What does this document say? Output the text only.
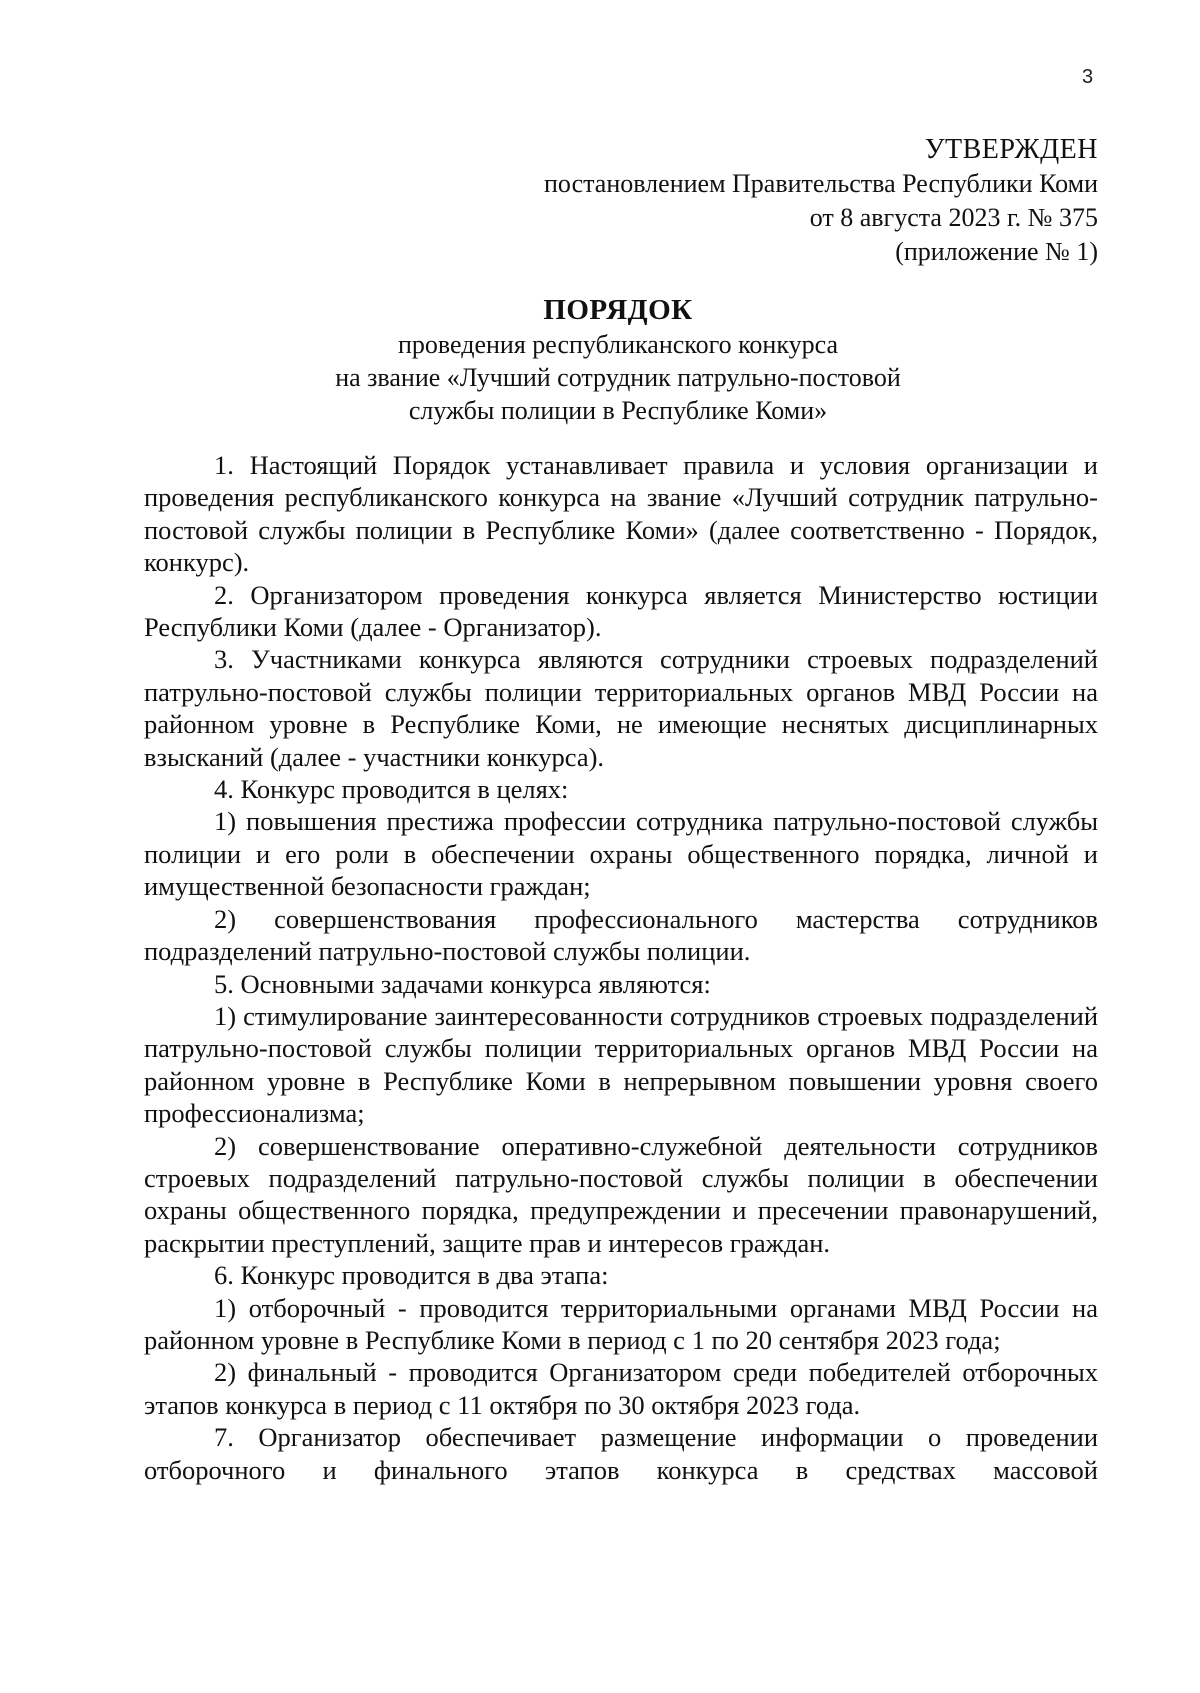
3
УТВЕРЖДЕН
постановлением Правительства Республики Коми
от 8 августа 2023 г. № 375
(приложение № 1)
ПОРЯДОК
проведения республиканского конкурса
на звание «Лучший сотрудник патрульно-постовой
службы полиции в Республике Коми»

1. Настоящий Порядок устанавливает правила и условия организации и проведения республиканского конкурса на звание «Лучший сотрудник патрульно-постовой службы полиции в Республике Коми» (далее соответственно - Порядок, конкурс).

2. Организатором проведения конкурса является Министерство юстиции Республики Коми (далее - Организатор).

3. Участниками конкурса являются сотрудники строевых подразделений патрульно-постовой службы полиции территориальных органов МВД России на районном уровне в Республике Коми, не имеющие неснятых дисциплинарных взысканий (далее - участники конкурса).

4. Конкурс проводится в целях:

1) повышения престижа профессии сотрудника патрульно-постовой службы полиции и его роли в обеспечении охраны общественного порядка, личной и имущественной безопасности граждан;

2) совершенствования профессионального мастерства сотрудников подразделений патрульно-постовой службы полиции.

5. Основными задачами конкурса являются:

1) стимулирование заинтересованности сотрудников строевых подразделений патрульно-постовой службы полиции территориальных органов МВД России на районном уровне в Республике Коми в непрерывном повышении уровня своего профессионализма;

2) совершенствование оперативно-служебной деятельности сотрудников строевых подразделений патрульно-постовой службы полиции в обеспечении охраны общественного порядка, предупреждении и пресечении правонарушений, раскрытии преступлений, защите прав и интересов граждан.

6. Конкурс проводится в два этапа:

1) отборочный - проводится территориальными органами МВД России на районном уровне в Республике Коми в период с 1 по 20 сентября 2023 года;

2) финальный - проводится Организатором среди победителей отборочных этапов конкурса в период с 11 октября по 30 октября 2023 года.

7. Организатор обеспечивает размещение информации о проведении отборочного и финального этапов конкурса в средствах массовой
